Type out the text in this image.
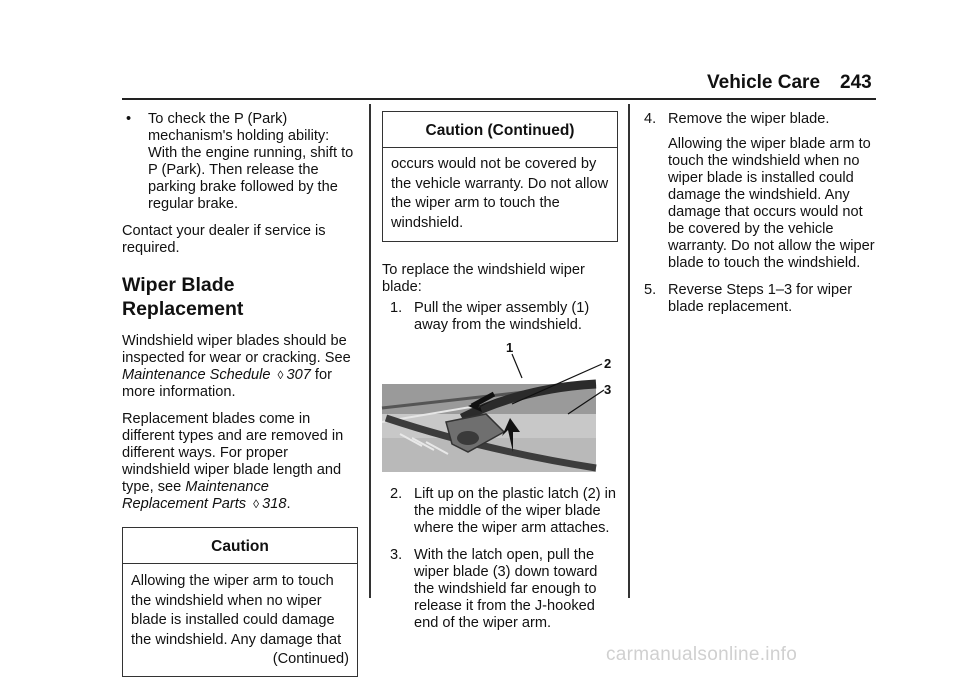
Vehicle Care 243
•	To check the P (Park) mechanism's holding ability: With the engine running, shift to P (Park). Then release the parking brake followed by the regular brake.

Contact your dealer if service is required.

Wiper Blade Replacement

Windshield wiper blades should be inspected for wear or cracking. See Maintenance Schedule ◊ 307 for more information.

Replacement blades come in different types and are removed in different ways. For proper windshield wiper blade length and type, see Maintenance Replacement Parts ◊ 318.

Caution
Allowing the wiper arm to touch the windshield when no wiper blade is installed could damage the windshield. Any damage that
(Continued)
Caution (Continued)
occurs would not be covered by the vehicle warranty. Do not allow the wiper arm to touch the windshield.

To replace the windshield wiper blade:

1. Pull the wiper assembly (1) away from the windshield.
1
2
3
2. Lift up on the plastic latch (2) in the middle of the wiper blade where the wiper arm attaches.
3. With the latch open, pull the wiper blade (3) down toward the windshield far enough to release it from the J-hooked end of the wiper arm.
4. Remove the wiper blade.
Allowing the wiper blade arm to touch the windshield when no wiper blade is installed could damage the windshield. Any damage that occurs would not be covered by the vehicle warranty. Do not allow the wiper blade to touch the windshield.
5. Reverse Steps 1–3 for wiper blade replacement.
carmanualsonline.info
